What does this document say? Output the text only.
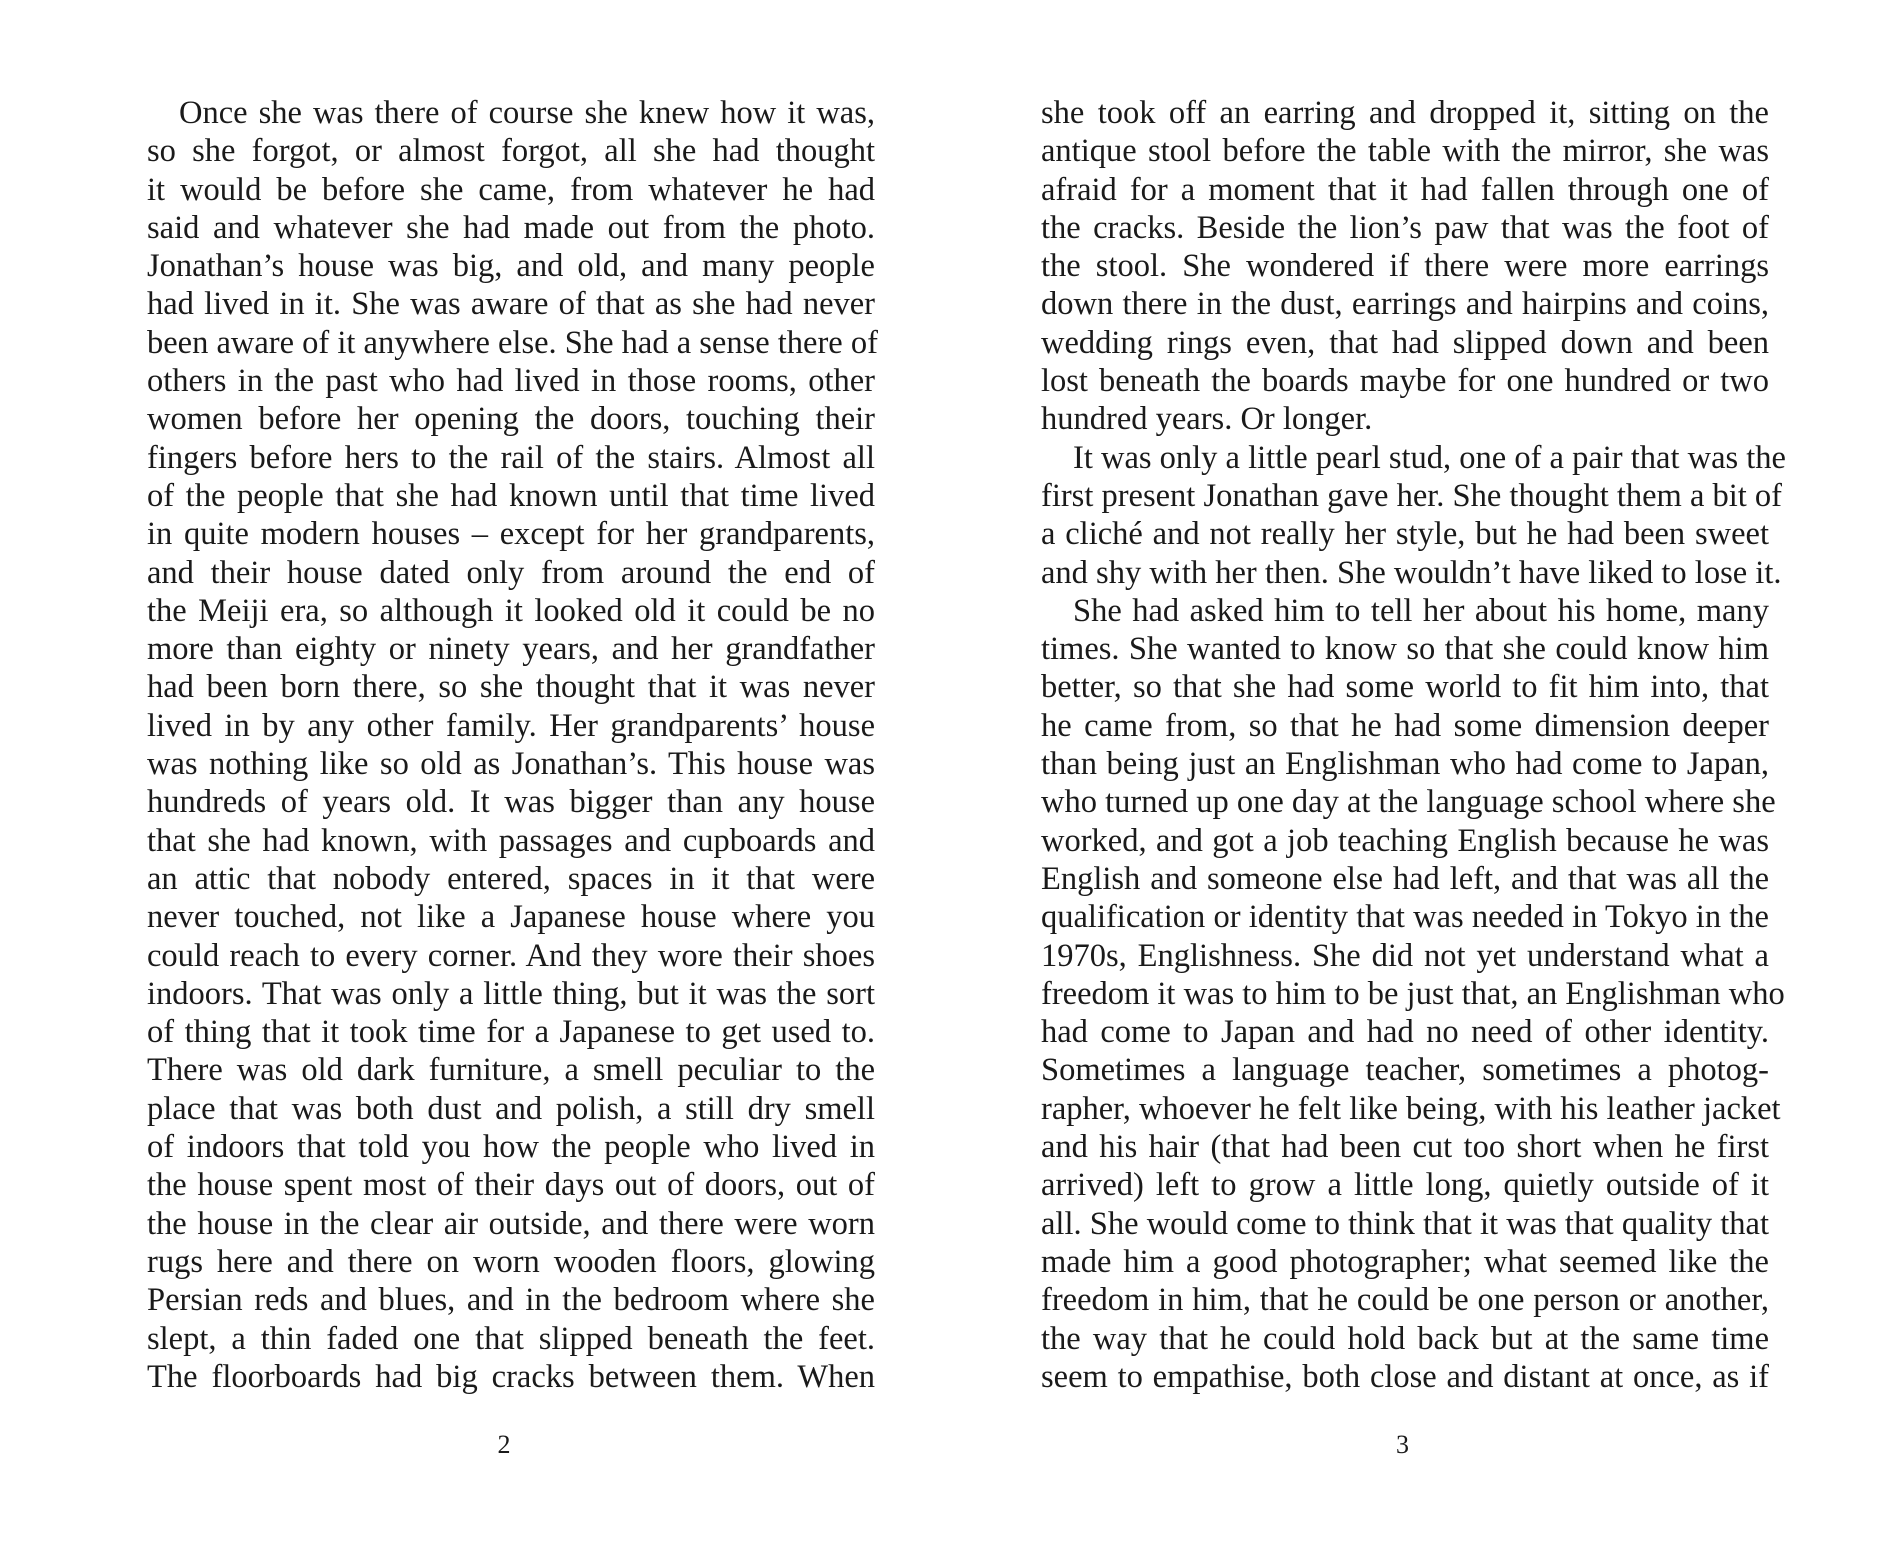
Once she was there of course she knew how it was,
so she forgot, or almost forgot, all she had thought
it would be before she came, from whatever he had
said and whatever she had made out from the photo.
Jonathan’s house was big, and old, and many people
had lived in it. She was aware of that as she had never
been aware of it anywhere else. She had a sense there of
others in the past who had lived in those rooms, other
women before her opening the doors, touching their
fingers before hers to the rail of the stairs. Almost all
of the people that she had known until that time lived
in quite modern houses – except for her grandparents,
and their house dated only from around the end of
the Meiji era, so although it looked old it could be no
more than eighty or ninety years, and her grandfather
had been born there, so she thought that it was never
lived in by any other family. Her grandparents’ house
was nothing like so old as Jonathan’s. This house was
hundreds of years old. It was bigger than any house
that she had known, with passages and cupboards and
an attic that nobody entered, spaces in it that were
never touched, not like a Japanese house where you
could reach to every corner. And they wore their shoes
indoors. That was only a little thing, but it was the sort
of thing that it took time for a Japanese to get used to.
There was old dark furniture, a smell peculiar to the
place that was both dust and polish, a still dry smell
of indoors that told you how the people who lived in
the house spent most of their days out of doors, out of
the house in the clear air outside, and there were worn
rugs here and there on worn wooden floors, glowing
Persian reds and blues, and in the bedroom where she
slept, a thin faded one that slipped beneath the feet.
The floorboards had big cracks between them. When
2
she took off an earring and dropped it, sitting on the
antique stool before the table with the mirror, she was
afraid for a moment that it had fallen through one of
the cracks. Beside the lion’s paw that was the foot of
the stool. She wondered if there were more earrings
down there in the dust, earrings and hairpins and coins,
wedding rings even, that had slipped down and been
lost beneath the boards maybe for one hundred or two
hundred years. Or longer.
It was only a little pearl stud, one of a pair that was the
first present Jonathan gave her. She thought them a bit of
a cliché and not really her style, but he had been sweet
and shy with her then. She wouldn’t have liked to lose it.
She had asked him to tell her about his home, many
times. She wanted to know so that she could know him
better, so that she had some world to fit him into, that
he came from, so that he had some dimension deeper
than being just an Englishman who had come to Japan,
who turned up one day at the language school where she
worked, and got a job teaching English because he was
English and someone else had left, and that was all the
qualification or identity that was needed in Tokyo in the
1970s, Englishness. She did not yet understand what a
freedom it was to him to be just that, an Englishman who
had come to Japan and had no need of other identity.
Sometimes a language teacher, sometimes a photog-
rapher, whoever he felt like being, with his leather jacket
and his hair (that had been cut too short when he first
arrived) left to grow a little long, quietly outside of it
all. She would come to think that it was that quality that
made him a good photographer; what seemed like the
freedom in him, that he could be one person or another,
the way that he could hold back but at the same time
seem to empathise, both close and distant at once, as if
3
